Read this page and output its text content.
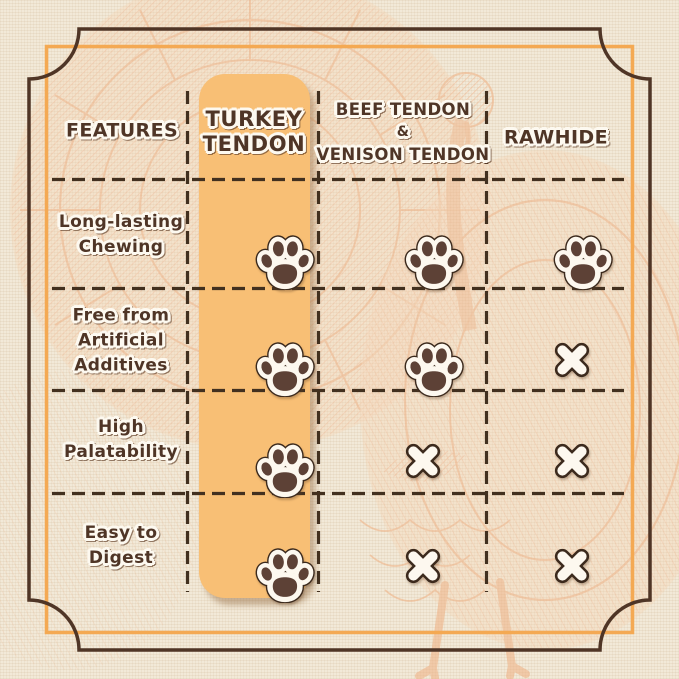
FEATURES TURKEY
TENDON
BEEF TENDON
&
VENISON TENDON
RAWHIDE
Long-lasting
Chewing
Free from
Artificial
Additives
High
Palatability
Easy to
Digest
